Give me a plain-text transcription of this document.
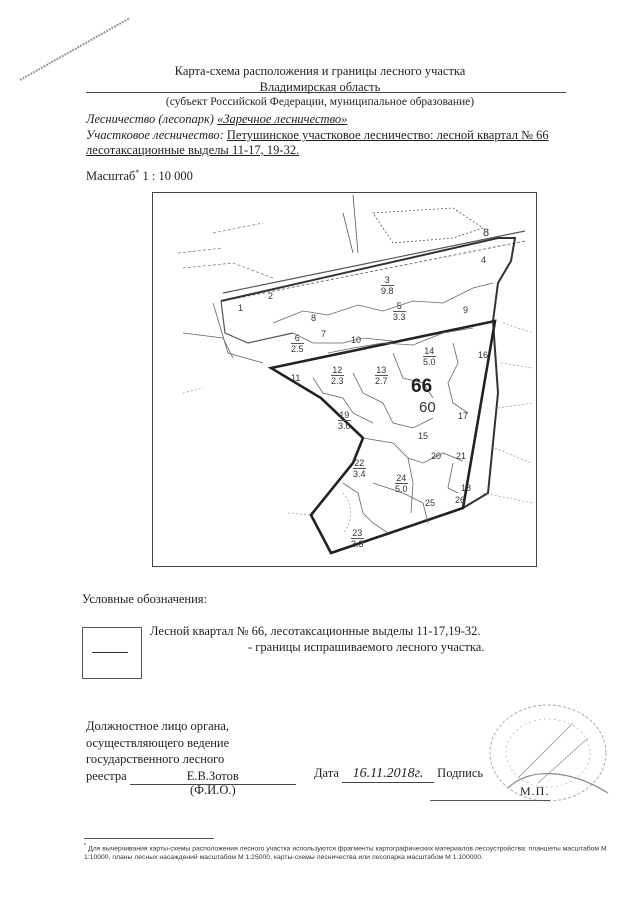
Карта-схема расположения и границы лесного участка
Владимирская область
(субъект Российской Федерации, муниципальное образование)
Лесничество (лесопарк) «Заречное лесничество»
Участковое лесничество: Петушинское участковое лесничество: лесной квартал № 66
лесотаксационные выделы 11-17, 19-32.
Масштаб* 1 : 10 000
8
66
60
1
2
3
9.8
4
5
3.3
6
2.5
7
8
9
10
11
12
2.3
13
2.7
14
5.0
15
16
17
18
19
3.0
20 21
22
3.4
23
3.3
24
5.0
25 26
Условные обозначения:
Лесной квартал № 66, лесотаксационные выделы 11-17,19-32.
- границы испрашиваемого лесного участка.
Должностное лицо органа,
осуществляющего ведение
государственного лесного
реестра	Е.В.Зотов
(Ф.И.О.)
Дата 16.11.2018г. Подпись
М.П.
* Для вычерчивания карты-схемы расположения лесного участка используются фрагменты картографических материалов лесоустройства: планшеты масштабом М 1:10000, планы лесных насаждений масштабом М 1:25000, карты-схемы лесничества или лесопарка масштабом М 1:100000.
